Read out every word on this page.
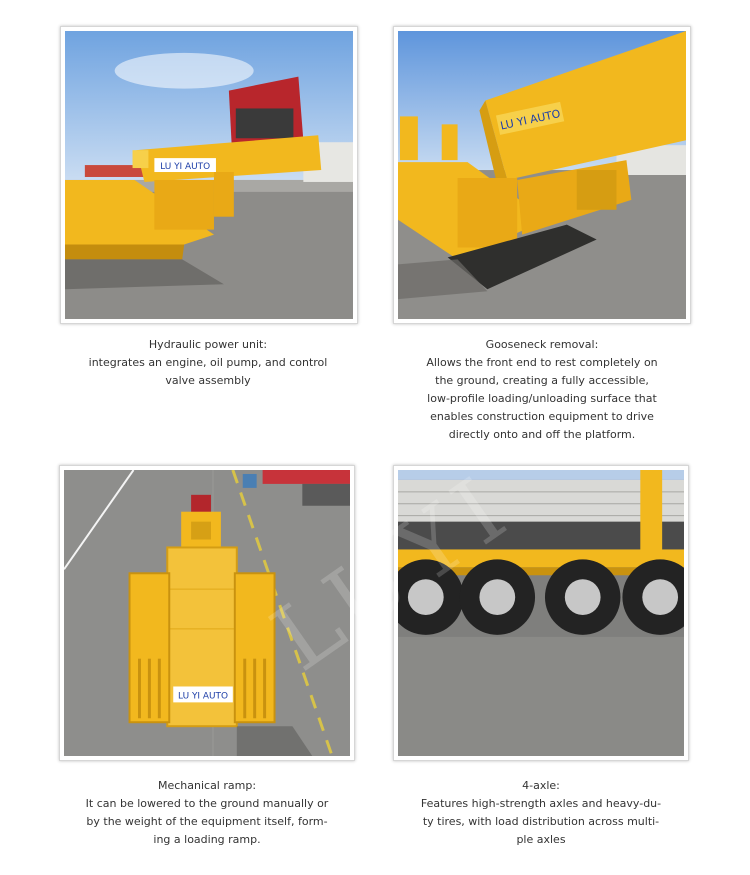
LU YI AUTO
Hydraulic power unit:
integrates an engine, oil pump, and control
valve assembly
LU YI AUTO
Gooseneck removal:
Allows the front end to rest completely on
the ground, creating a fully accessible,
low-profile loading/unloading surface that
enables construction equipment to drive
directly onto and off the platform.
LU YI AUTO
Mechanical ramp:
It can be lowered to the ground manually or
by the weight of the equipment itself, form-
ing a loading ramp.
4-axle:
Features high-strength axles and heavy-du-
ty tires, with load distribution across multi-
ple axles
